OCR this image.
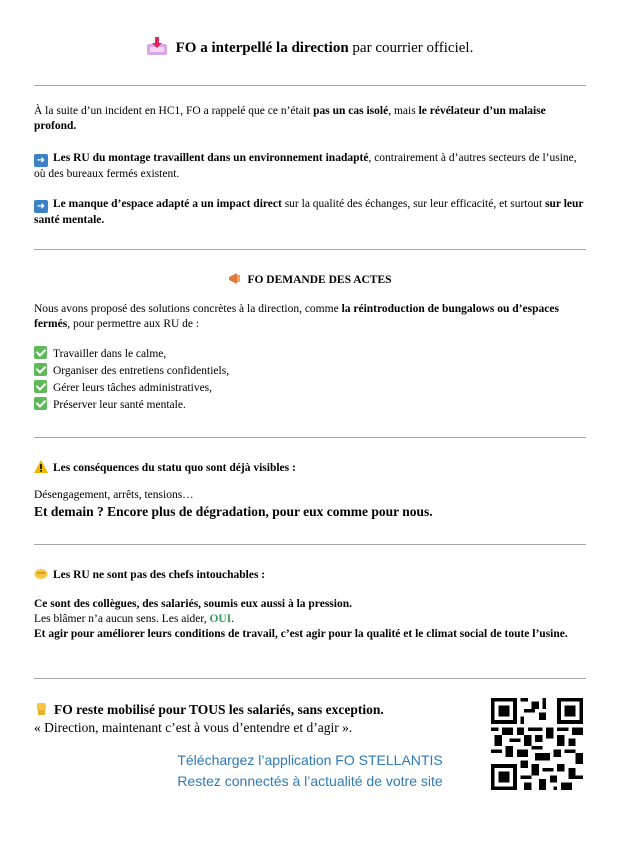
FO a interpellé la direction par courrier officiel.
À la suite d’un incident en HC1, FO a rappelé que ce n’était pas un cas isolé, mais le révélateur d’un malaise profond.
➜ Les RU du montage travaillent dans un environnement inadapté, contrairement à d’autres secteurs de l’usine, où des bureaux fermés existent.
➜ Le manque d’espace adapté a un impact direct sur la qualité des échanges, sur leur efficacité, et surtout sur leur santé mentale.
FO DEMANDE DES ACTES
Nous avons proposé des solutions concrètes à la direction, comme la réintroduction de bungalows ou d’espaces fermés, pour permettre aux RU de :
Travailler dans le calme,
Organiser des entretiens confidentiels,
Gérer leurs tâches administratives,
Préserver leur santé mentale.
Les conséquences du statu quo sont déjà visibles :
Désengagement, arrêts, tensions…
Et demain ? Encore plus de dégradation, pour eux comme pour nous.
Les RU ne sont pas des chefs intouchables :
Ce sont des collègues, des salariés, soumis eux aussi à la pression.
Les blâmer n’a aucun sens. Les aider, OUI.
Et agir pour améliorer leurs conditions de travail, c’est agir pour la qualité et le climat social de toute l’usine.
FO reste mobilisé pour TOUS les salariés, sans exception.
« Direction, maintenant c’est à vous d’entendre et d’agir ».
Téléchargez l’application FO STELLANTIS
Restez connectés à l’actualité de votre site
